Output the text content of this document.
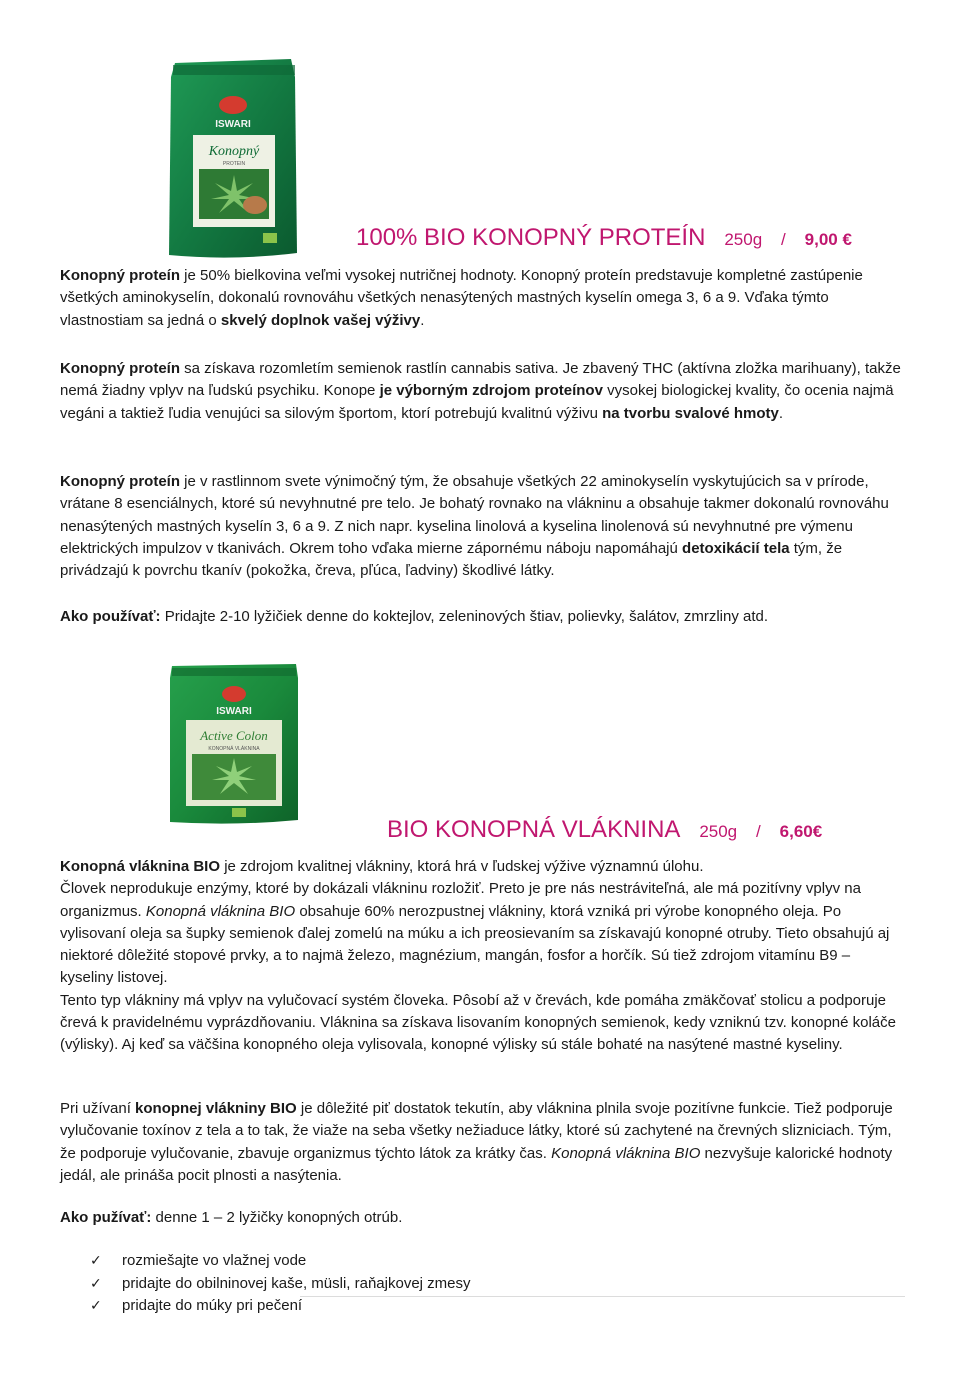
ISWARI
Konopný
PROTEIN
100% BIO KONOPNÝ PROTEÍN 250g / 9,00 €

Konopný proteín je 50% bielkovina veľmi vysokej nutričnej hodnoty. Konopný proteín predstavuje kompletné zastúpenie všetkých aminokyselín, dokonalú rovnováhu všetkých nenasýtených mastných kyselín omega 3, 6 a 9. Vďaka týmto vlastnostiam sa jedná o skvelý doplnok vašej výživy.

Konopný proteín sa získava rozomletím semienok rastlín cannabis sativa. Je zbavený THC (aktívna zložka marihuany), takže nemá žiadny vplyv na ľudskú psychiku. Konope je výborným zdrojom proteínov vysokej biologickej kvality, čo ocenia najmä vegáni a taktiež ľudia venujúci sa silovým športom, ktorí potrebujú kvalitnú výživu na tvorbu svalové hmoty.

Konopný proteín je v rastlinnom svete výnimočný tým, že obsahuje všetkých 22 aminokyselín vyskytujúcich sa v prírode, vrátane 8 esenciálnych, ktoré sú nevyhnutné pre telo. Je bohatý rovnako na vlákninu a obsahuje takmer dokonalú rovnováhu nenasýtených mastných kyselín 3, 6 a 9. Z nich napr. kyselina linolová a kyselina linolenová sú nevyhnutné pre výmenu elektrických impulzov v tkanivách. Okrem toho vďaka mierne zápornému náboju napomáhajú detoxikácií tela tým, že privádzajú k povrchu tkanív (pokožka, čreva, pľúca, ľadviny) škodlivé látky.

Ako používať: Pridajte 2-10 lyžičiek denne do koktejlov, zeleninových štiav, polievky, šalátov, zmrzliny atd.

ISWARI
Active Colon
KONOPNÁ VLÁKNINA
BIO KONOPNÁ VLÁKNINA 250g / 6,60€

Konopná vláknina BIO je zdrojom kvalitnej vlákniny, ktorá hrá v ľudskej výžive významnú úlohu.
Človek neprodukuje enzýmy, ktoré by dokázali vlákninu rozložiť. Preto je pre nás nestráviteľná, ale má pozitívny vplyv na organizmus. Konopná vláknina BIO obsahuje 60% nerozpustnej vlákniny, ktorá vzniká pri výrobe konopného oleja. Po vylisovaní oleja sa šupky semienok ďalej zomelú na múku a ich preosievaním sa získavajú konopné otruby. Tieto obsahujú aj niektoré dôležité stopové prvky, a to najmä železo, magnézium, mangán, fosfor a horčík. Sú tiež zdrojom vitamínu B9 – kyseliny listovej.
Tento typ vlákniny má vplyv na vylučovací systém človeka. Pôsobí až v črevách, kde pomáha zmäkčovať stolicu a podporuje črevá k pravidelnému vyprázdňovaniu. Vláknina sa získava lisovaním konopných semienok, kedy vzniknú tzv. konopné koláče (výlisky). Aj keď sa väčšina konopného oleja vylisovala, konopné výlisky sú stále bohaté na nasýtené mastné kyseliny.

Pri užívaní konopnej vlákniny BIO je dôležité piť dostatok tekutín, aby vláknina plnila svoje pozitívne funkcie. Tiež podporuje vylučovanie toxínov z tela a to tak, že viaže na seba všetky nežiaduce látky, ktoré sú zachytené na črevných slizniciach. Tým, že podporuje vylučovanie, zbavuje organizmus týchto látok za krátky čas. Konopná vláknina BIO nezvyšuje kalorické hodnoty jedál, ale prináša pocit plnosti a nasýtenia.

Ako pužívať: denne 1 – 2 lyžičky konopných otrúb.

✓ rozmiešajte vo vlažnej vode
✓ pridajte do obilninovej kaše, müsli, raňajkovej zmesy
✓ pridajte do múky pri pečení
